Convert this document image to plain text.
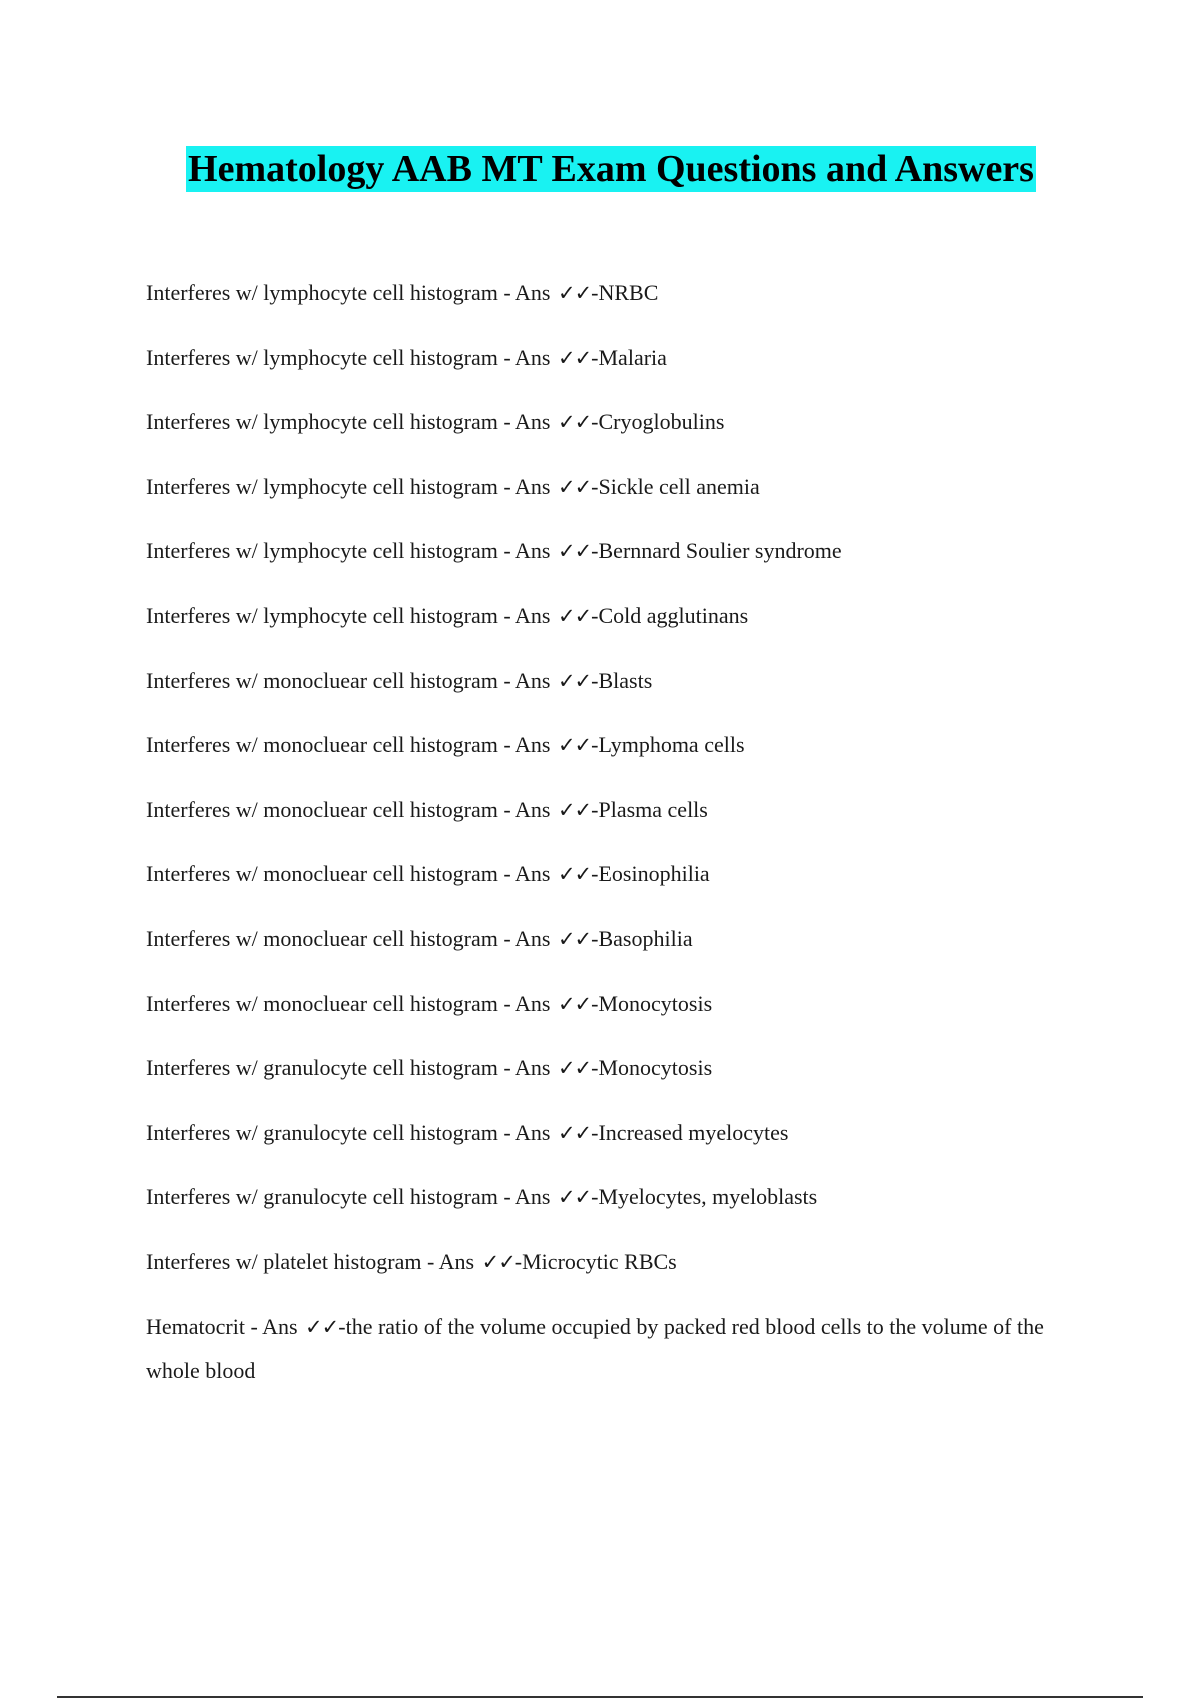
Hematology AAB MT Exam Questions and Answers
Interferes w/ lymphocyte cell histogram - Ans ✓✓-NRBC
Interferes w/ lymphocyte cell histogram - Ans ✓✓-Malaria
Interferes w/ lymphocyte cell histogram - Ans ✓✓-Cryoglobulins
Interferes w/ lymphocyte cell histogram - Ans ✓✓-Sickle cell anemia
Interferes w/ lymphocyte cell histogram - Ans ✓✓-Bernnard Soulier syndrome
Interferes w/ lymphocyte cell histogram - Ans ✓✓-Cold agglutinans
Interferes w/ monocluear cell histogram - Ans ✓✓-Blasts
Interferes w/ monocluear cell histogram - Ans ✓✓-Lymphoma cells
Interferes w/ monocluear cell histogram - Ans ✓✓-Plasma cells
Interferes w/ monocluear cell histogram - Ans ✓✓-Eosinophilia
Interferes w/ monocluear cell histogram - Ans ✓✓-Basophilia
Interferes w/ monocluear cell histogram - Ans ✓✓-Monocytosis
Interferes w/ granulocyte cell histogram - Ans ✓✓-Monocytosis
Interferes w/ granulocyte cell histogram - Ans ✓✓-Increased myelocytes
Interferes w/ granulocyte cell histogram - Ans ✓✓-Myelocytes, myeloblasts
Interferes w/ platelet histogram - Ans ✓✓-Microcytic RBCs
Hematocrit - Ans ✓✓-the ratio of the volume occupied by packed red blood cells to the volume of the whole blood
